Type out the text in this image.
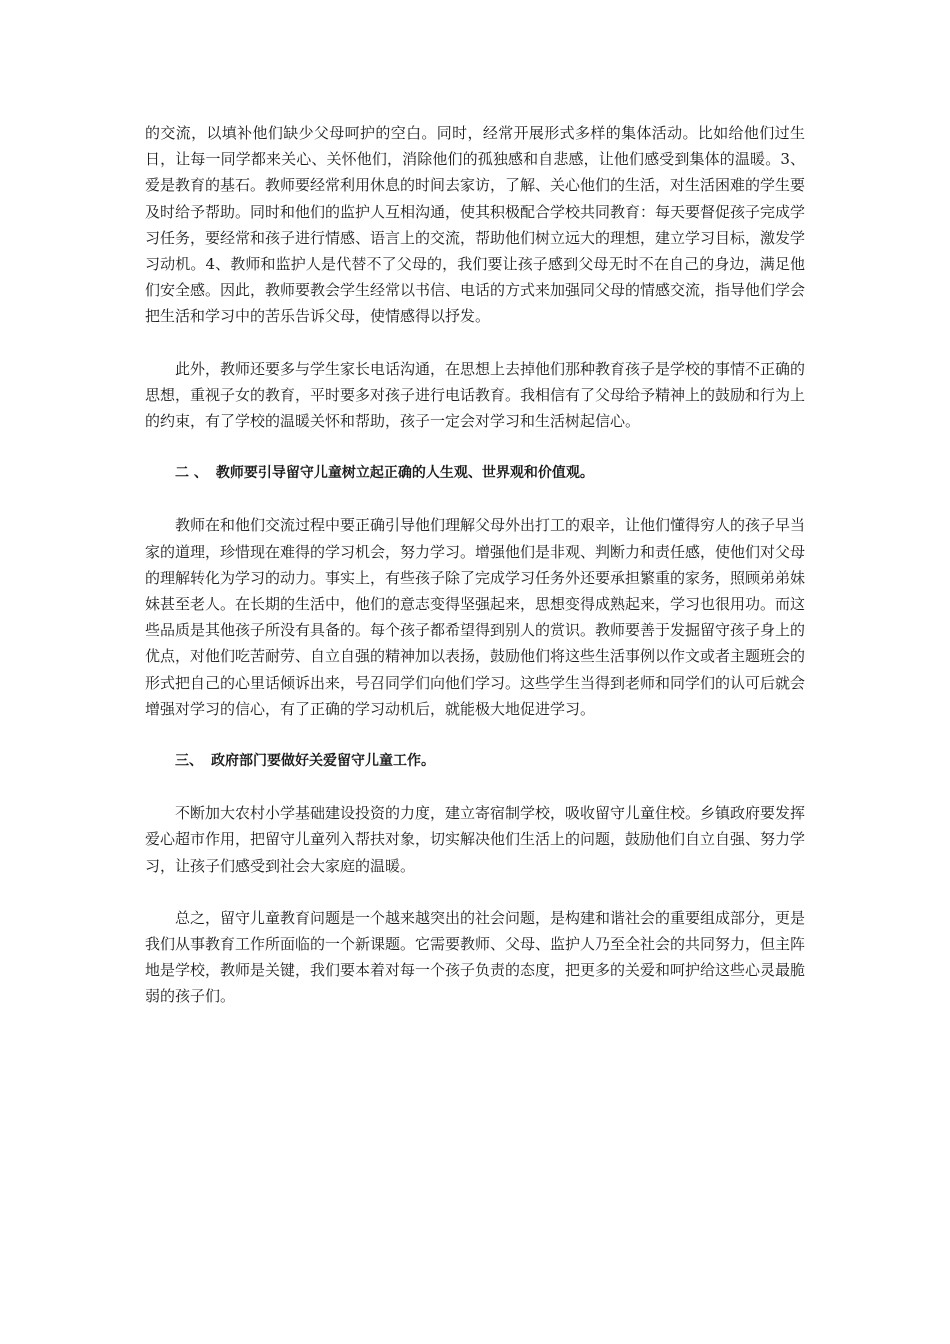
的交流，以填补他们缺少父母呵护的空白。同时，经常开展形式多样的集体活动。比如给他们过生日，让每一同学都来关心、关怀他们，消除他们的孤独感和自悲感，让他们感受到集体的温暖。3、爱是教育的基石。教师要经常利用休息的时间去家访，了解、关心他们的生活，对生活困难的学生要及时给予帮助。同时和他们的监护人互相沟通，使其积极配合学校共同教育：每天要督促孩子完成学习任务，要经常和孩子进行情感、语言上的交流，帮助他们树立远大的理想，建立学习目标，激发学习动机。4、教师和监护人是代替不了父母的，我们要让孩子感到父母无时不在自己的身边，满足他们安全感。因此，教师要教会学生经常以书信、电话的方式来加强同父母的情感交流，指导他们学会把生活和学习中的苦乐告诉父母，使情感得以抒发。

此外，教师还要多与学生家长电话沟通，在思想上去掉他们那种教育孩子是学校的事情不正确的思想，重视子女的教育，平时要多对孩子进行电话教育。我相信有了父母给予精神上的鼓励和行为上的约束，有了学校的温暖关怀和帮助，孩子一定会对学习和生活树起信心。

二 、 教师要引导留守儿童树立起正确的人生观、世界观和价值观。

教师在和他们交流过程中要正确引导他们理解父母外出打工的艰辛，让他们懂得穷人的孩子早当家的道理，珍惜现在难得的学习机会，努力学习。增强他们是非观、判断力和责任感，使他们对父母的理解转化为学习的动力。事实上，有些孩子除了完成学习任务外还要承担繁重的家务，照顾弟弟妹妹甚至老人。在长期的生活中，他们的意志变得坚强起来，思想变得成熟起来，学习也很用功。而这些品质是其他孩子所没有具备的。每个孩子都希望得到别人的赏识。教师要善于发掘留守孩子身上的优点，对他们吃苦耐劳、自立自强的精神加以表扬，鼓励他们将这些生活事例以作文或者主题班会的形式把自己的心里话倾诉出来，号召同学们向他们学习。这些学生当得到老师和同学们的认可后就会增强对学习的信心，有了正确的学习动机后，就能极大地促进学习。

三、 政府部门要做好关爱留守儿童工作。

不断加大农村小学基础建设投资的力度，建立寄宿制学校，吸收留守儿童住校。乡镇政府要发挥爱心超市作用，把留守儿童列入帮扶对象，切实解决他们生活上的问题，鼓励他们自立自强、努力学习，让孩子们感受到社会大家庭的温暖。

总之，留守儿童教育问题是一个越来越突出的社会问题，是构建和谐社会的重要组成部分，更是我们从事教育工作所面临的一个新课题。它需要教师、父母、监护人乃至全社会的共同努力，但主阵地是学校，教师是关键，我们要本着对每一个孩子负责的态度，把更多的关爱和呵护给这些心灵最脆弱的孩子们。
